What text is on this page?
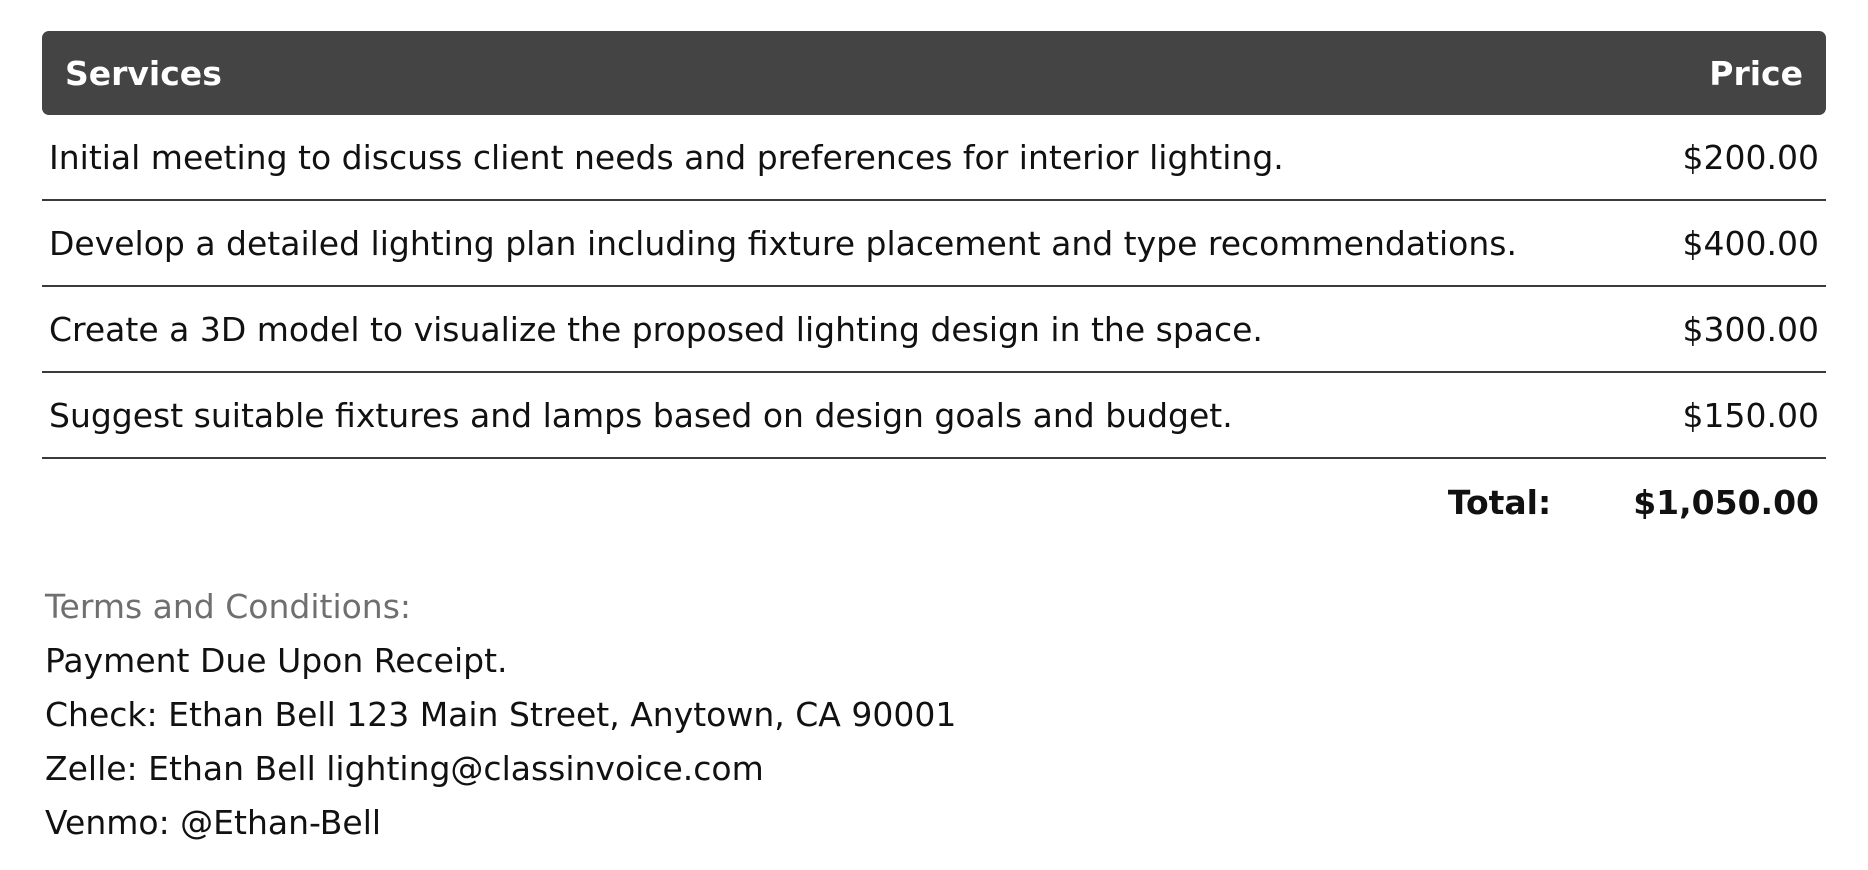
Services	Price
Initial meeting to discuss client needs and preferences for interior lighting.	$200.00
Develop a detailed lighting plan including fixture placement and type recommendations.	$400.00
Create a 3D model to visualize the proposed lighting design in the space.	$300.00
Suggest suitable fixtures and lamps based on design goals and budget.	$150.00
Total: $1,050.00
Terms and Conditions:
Payment Due Upon Receipt.
Check: Ethan Bell 123 Main Street, Anytown, CA 90001
Zelle: Ethan Bell lighting@classinvoice.com
Venmo: @Ethan-Bell
